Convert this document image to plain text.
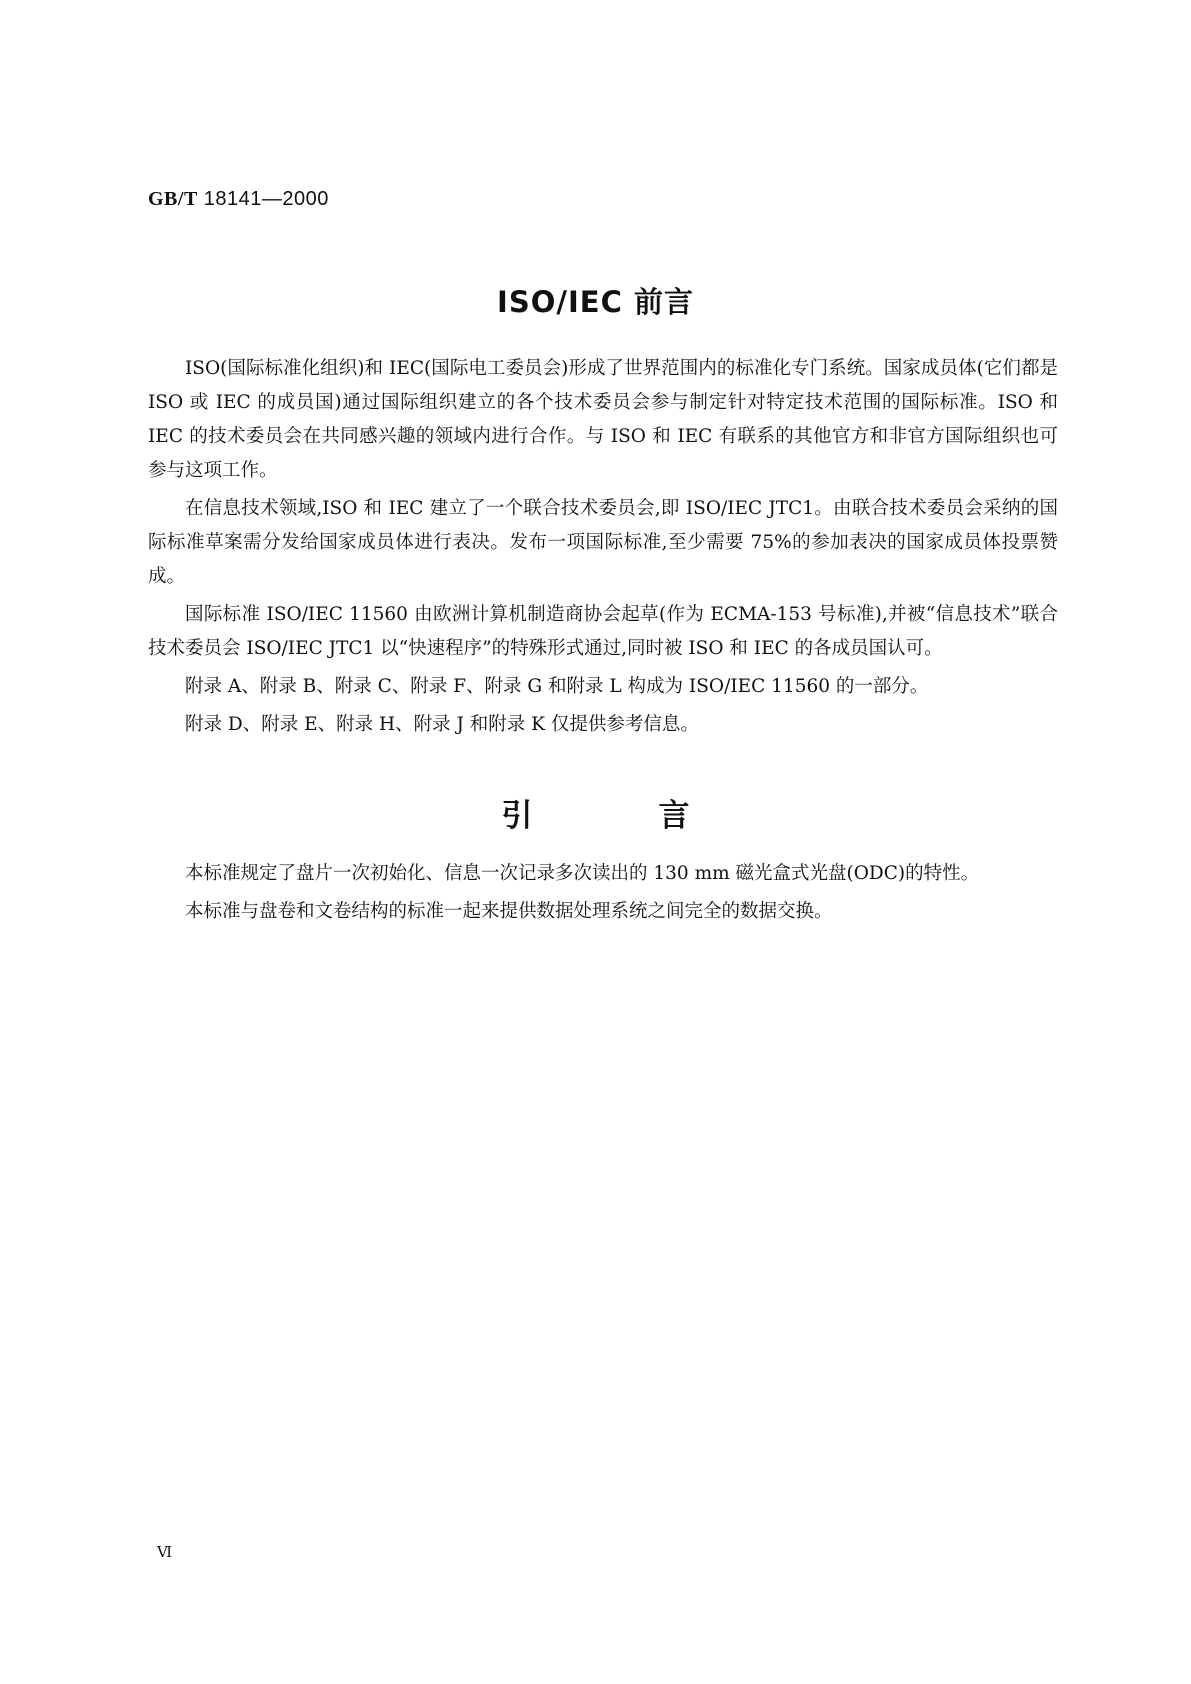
GB/T 18141—2000
ISO/IEC 前言

ISO(国际标准化组织)和 IEC(国际电工委员会)形成了世界范围内的标准化专门系统。国家成员体(它们都是 ISO 或 IEC 的成员国)通过国际组织建立的各个技术委员会参与制定针对特定技术范围的国际标准。ISO 和 IEC 的技术委员会在共同感兴趣的领域内进行合作。与 ISO 和 IEC 有联系的其他官方和非官方国际组织也可参与这项工作。

在信息技术领域,ISO 和 IEC 建立了一个联合技术委员会,即 ISO/IEC JTC1。由联合技术委员会采纳的国际标准草案需分发给国家成员体进行表决。发布一项国际标准,至少需要 75%的参加表决的国家成员体投票赞成。

国际标准 ISO/IEC 11560 由欧洲计算机制造商协会起草(作为 ECMA-153 号标准),并被“信息技术”联合技术委员会 ISO/IEC JTC1 以“快速程序”的特殊形式通过,同时被 ISO 和 IEC 的各成员国认可。

附录 A、附录 B、附录 C、附录 F、附录 G 和附录 L 构成为 ISO/IEC 11560 的一部分。

附录 D、附录 E、附录 H、附录 J 和附录 K 仅提供参考信息。

引言

本标准规定了盘片一次初始化、信息一次记录多次读出的 130 mm 磁光盒式光盘(ODC)的特性。

本标准与盘卷和文卷结构的标准一起来提供数据处理系统之间完全的数据交换。

Ⅵ
